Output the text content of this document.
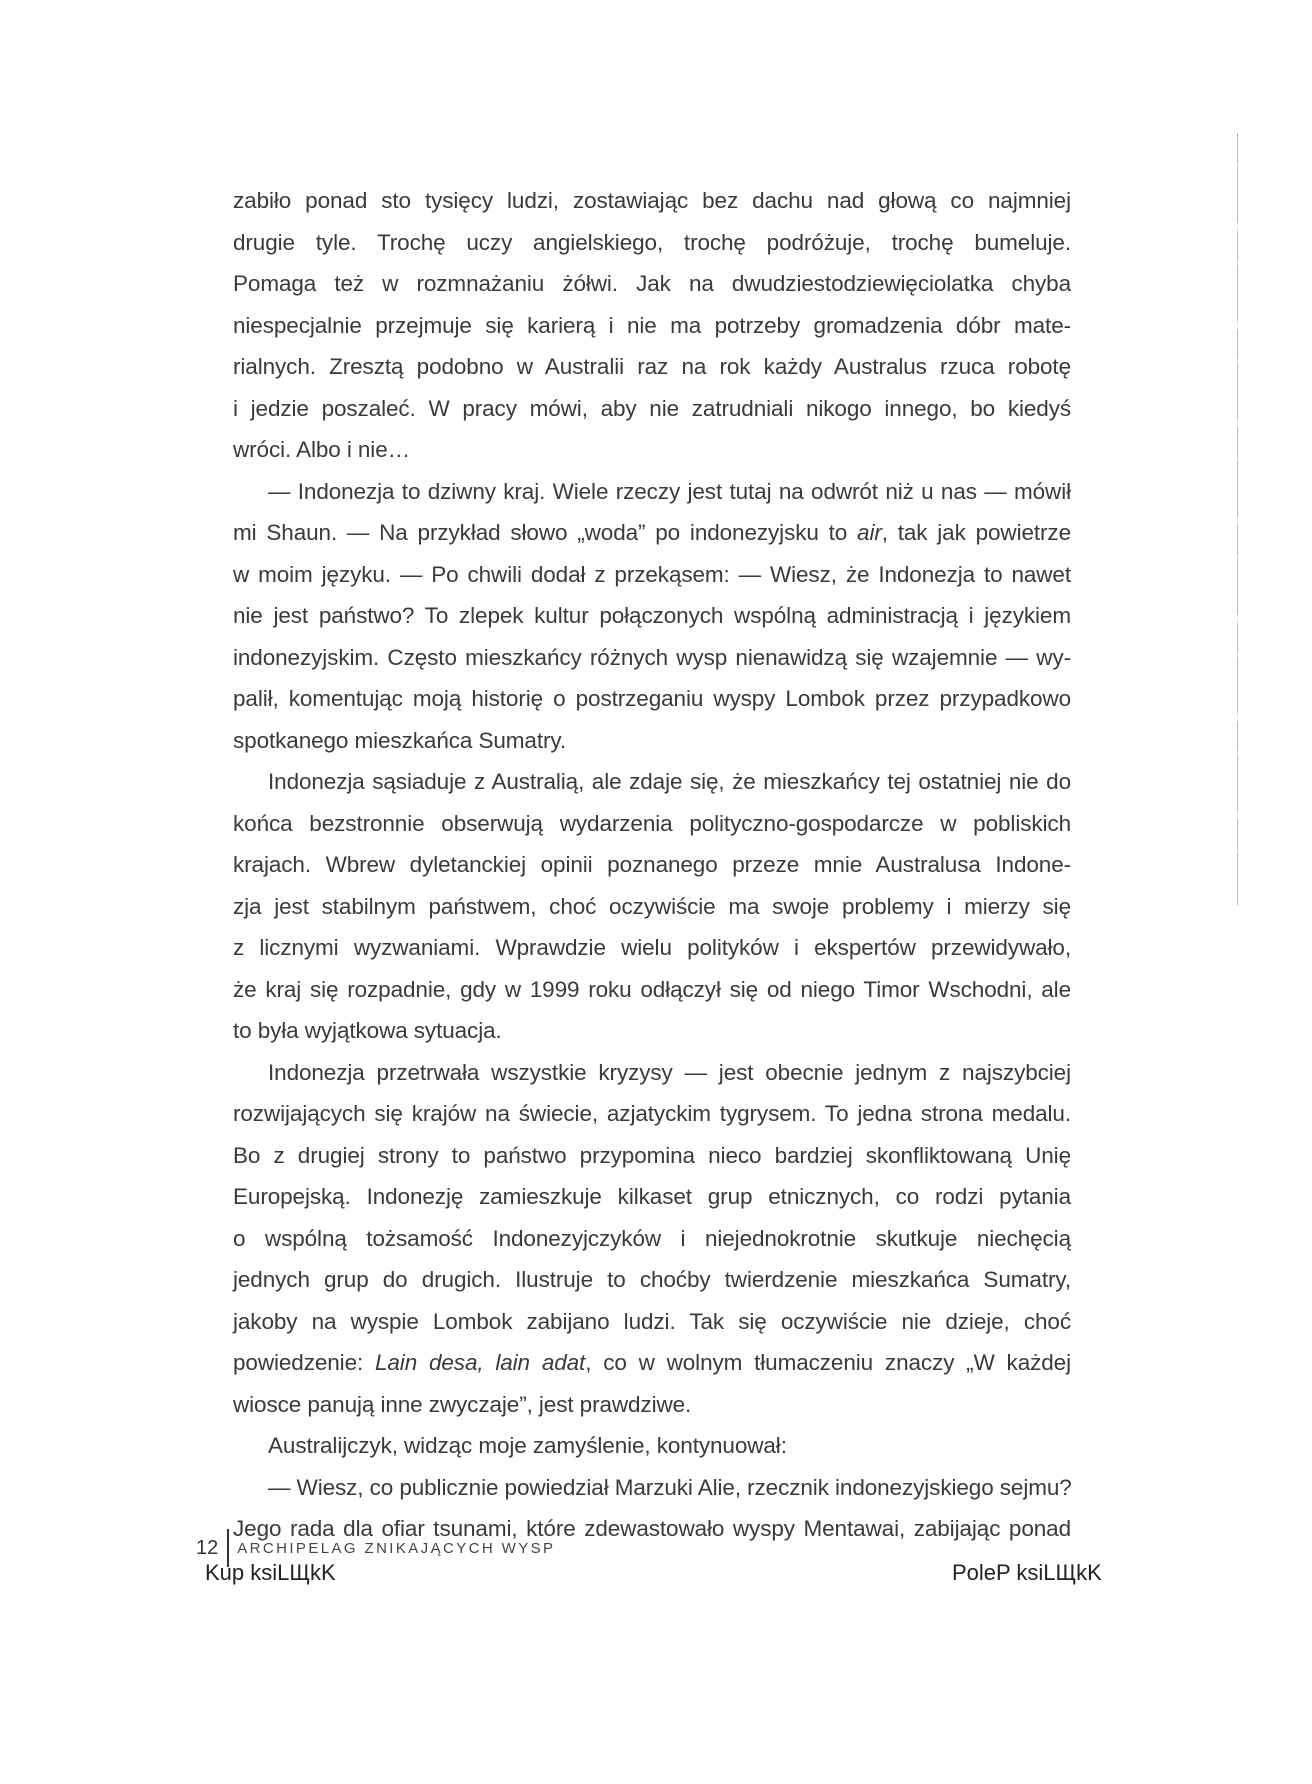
zabiło ponad sto tysięcy ludzi, zostawiając bez dachu nad głową co najmniej
drugie tyle. Trochę uczy angielskiego, trochę podróżuje, trochę bumeluje.
Pomaga też w rozmnażaniu żółwi. Jak na dwudziestodziewięciolatka chyba
niespecjalnie przejmuje się karierą i nie ma potrzeby gromadzenia dóbr mate-
rialnych. Zresztą podobno w Australii raz na rok każdy Australus rzuca robotę
i jedzie poszaleć. W pracy mówi, aby nie zatrudniali nikogo innego, bo kiedyś
wróci. Albo i nie…
— Indonezja to dziwny kraj. Wiele rzeczy jest tutaj na odwrót niż u nas — mówił
mi Shaun. — Na przykład słowo „woda” po indonezyjsku to air, tak jak powietrze
w moim języku. — Po chwili dodał z przekąsem: — Wiesz, że Indonezja to nawet
nie jest państwo? To zlepek kultur połączonych wspólną administracją i językiem
indonezyjskim. Często mieszkańcy różnych wysp nienawidzą się wzajemnie — wy-
palił, komentując moją historię o postrzeganiu wyspy Lombok przez przypadkowo
spotkanego mieszkańca Sumatry.
Indonezja sąsiaduje z Australią, ale zdaje się, że mieszkańcy tej ostatniej nie do
końca bezstronnie obserwują wydarzenia polityczno-gospodarcze w pobliskich
krajach. Wbrew dyletanckiej opinii poznanego przeze mnie Australusa Indone-
zja jest stabilnym państwem, choć oczywiście ma swoje problemy i mierzy się
z licznymi wyzwaniami. Wprawdzie wielu polityków i ekspertów przewidywało,
że kraj się rozpadnie, gdy w 1999 roku odłączył się od niego Timor Wschodni, ale
to była wyjątkowa sytuacja.
Indonezja przetrwała wszystkie kryzysy — jest obecnie jednym z najszybciej
rozwijających się krajów na świecie, azjatyckim tygrysem. To jedna strona medalu.
Bo z drugiej strony to państwo przypomina nieco bardziej skonfliktowaną Unię
Europejską. Indonezję zamieszkuje kilkaset grup etnicznych, co rodzi pytania
o wspólną tożsamość Indonezyjczyków i niejednokrotnie skutkuje niechęcią
jednych grup do drugich. Ilustruje to choćby twierdzenie mieszkańca Sumatry,
jakoby na wyspie Lombok zabijano ludzi. Tak się oczywiście nie dzieje, choć
powiedzenie: Lain desa, lain adat, co w wolnym tłumaczeniu znaczy „W każdej
wiosce panują inne zwyczaje”, jest prawdziwe.
Australijczyk, widząc moje zamyślenie, kontynuował:
— Wiesz, co publicznie powiedział Marzuki Alie, rzecznik indonezyjskiego sejmu?
Jego rada dla ofiar tsunami, które zdewastowało wyspy Mentawai, zabijając ponad
12 ARCHIPELAG ZNIKAJĄCYCH WYSP
Kup ksiLЩkK	PoleP ksiLЩkK
